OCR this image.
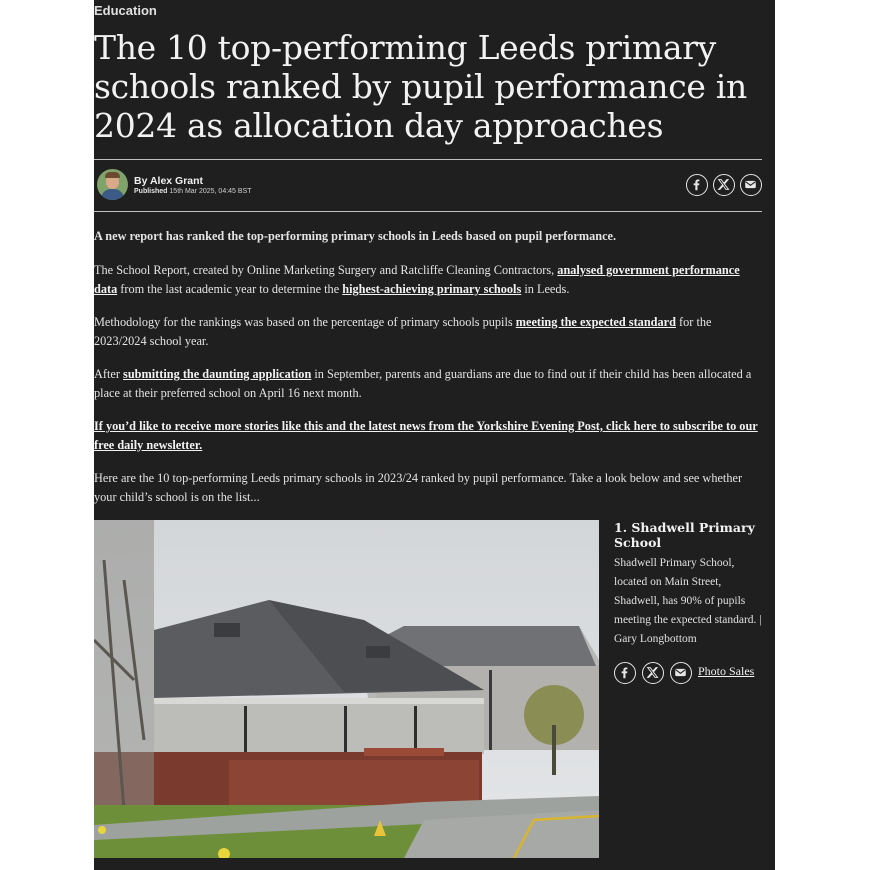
Education
The 10 top-performing Leeds primary schools ranked by pupil performance in 2024 as allocation day approaches
By Alex Grant
Published 15th Mar 2025, 04:45 BST

A new report has ranked the top-performing primary schools in Leeds based on pupil performance.

The School Report, created by Online Marketing Surgery and Ratcliffe Cleaning Contractors, analysed government performance data from the last academic year to determine the highest-achieving primary schools in Leeds.

Methodology for the rankings was based on the percentage of primary schools pupils meeting the expected standard for the 2023/2024 school year.

After submitting the daunting application in September, parents and guardians are due to find out if their child has been allocated a place at their preferred school on April 16 next month.

If you’d like to receive more stories like this and the latest news from the Yorkshire Evening Post, click here to subscribe to our free daily newsletter.

Here are the 10 top-performing Leeds primary schools in 2023/24 ranked by pupil performance. Take a look below and see whether your child’s school is on the list...

1. Shadwell Primary School
Shadwell Primary School, located on Main Street, Shadwell, has 90% of pupils meeting the expected standard. | Gary Longbottom
Photo Sales
